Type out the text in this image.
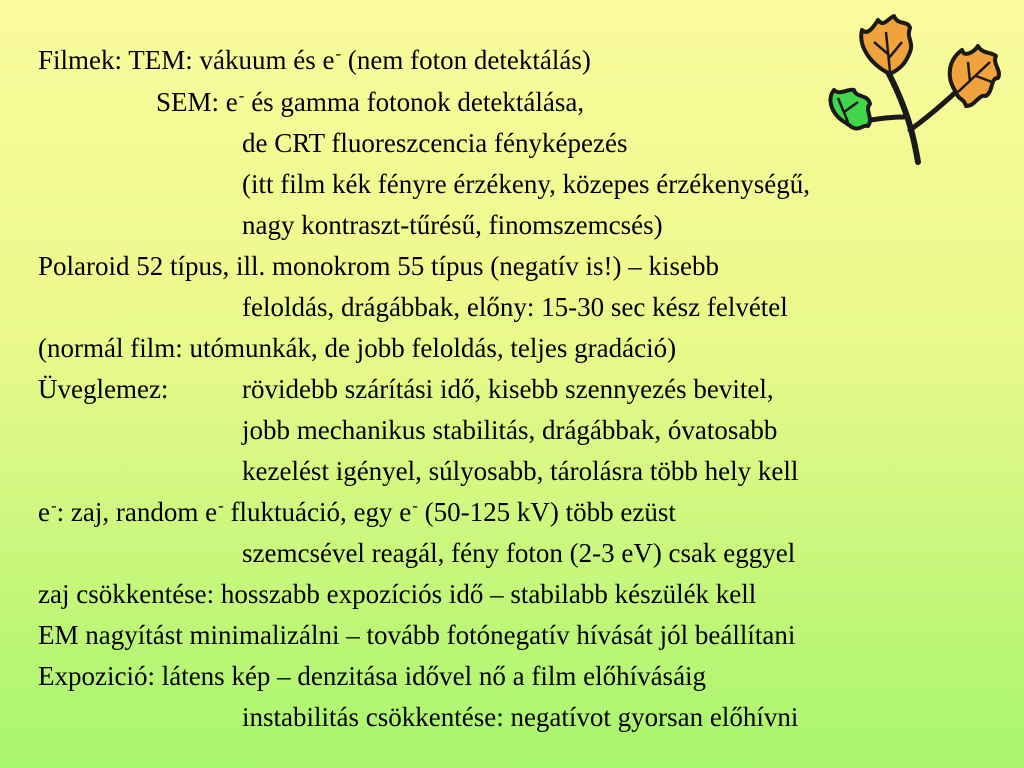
Filmek: TEM: vákuum és e- (nem foton detektálás)
SEM: e- és gamma fotonok detektálása,
de CRT fluoreszcencia fényképezés
(itt film kék fényre érzékeny, közepes érzékenységű,
nagy kontraszt-tűrésű, finomszemcsés)
Polaroid 52 típus, ill. monokrom 55 típus (negatív is!) – kisebb
feloldás, drágábbak, előny: 15-30 sec kész felvétel
(normál film: utómunkák, de jobb feloldás, teljes gradáció)
Üveglemez:	rövidebb szárítási idő, kisebb szennyezés bevitel,
jobb mechanikus stabilitás, drágábbak, óvatosabb
kezelést igényel, súlyosabb, tárolásra több hely kell
e-: zaj, random e- fluktuáció, egy e- (50-125 kV) több ezüst
szemcsével reagál, fény foton (2-3 eV) csak eggyel
zaj csökkentése: hosszabb expozíciós idő – stabilabb készülék kell
EM nagyítást minimalizálni – tovább fotónegatív hívását jól beállítani
Expozició: látens kép – denzitása idővel nő a film előhívásáig
instabilitás csökkentése: negatívot gyorsan előhívni
